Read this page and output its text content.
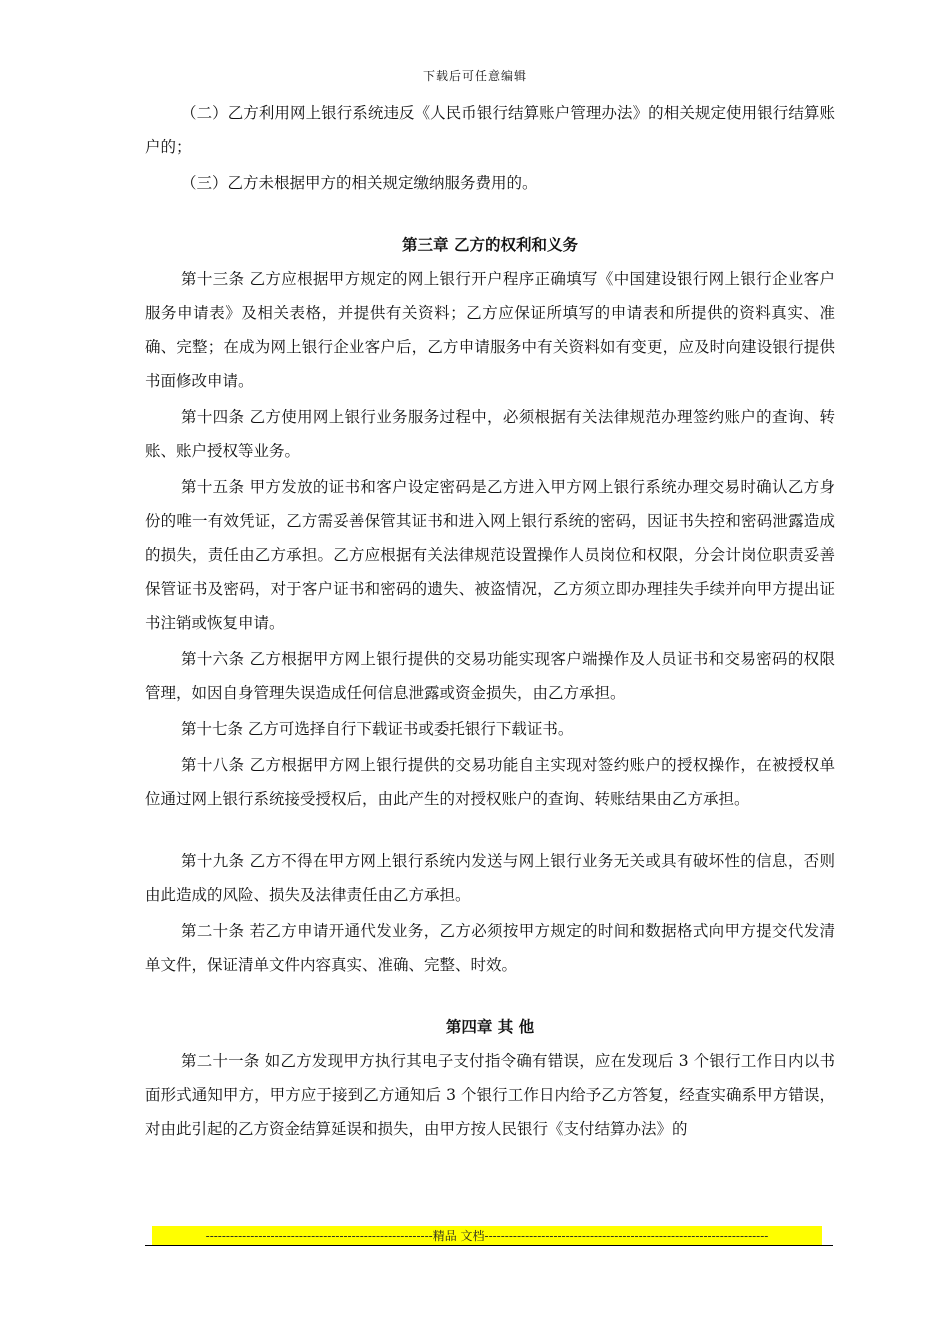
下载后可任意编辑

（二）乙方利用网上银行系统违反《人民币银行结算账户管理办法》的相关规定使用银行结算账户的；

（三）乙方未根据甲方的相关规定缴纳服务费用的。

第三章 乙方的权利和义务

第十三条 乙方应根据甲方规定的网上银行开户程序正确填写《中国建设银行网上银行企业客户服务申请表》及相关表格，并提供有关资料；乙方应保证所填写的申请表和所提供的资料真实、准确、完整；在成为网上银行企业客户后，乙方申请服务中有关资料如有变更，应及时向建设银行提供书面修改申请。

第十四条 乙方使用网上银行业务服务过程中，必须根据有关法律规范办理签约账户的查询、转账、账户授权等业务。

第十五条 甲方发放的证书和客户设定密码是乙方进入甲方网上银行系统办理交易时确认乙方身份的唯一有效凭证，乙方需妥善保管其证书和进入网上银行系统的密码，因证书失控和密码泄露造成的损失，责任由乙方承担。乙方应根据有关法律规范设置操作人员岗位和权限，分会计岗位职责妥善保管证书及密码，对于客户证书和密码的遗失、被盗情况，乙方须立即办理挂失手续并向甲方提出证书注销或恢复申请。

第十六条 乙方根据甲方网上银行提供的交易功能实现客户端操作及人员证书和交易密码的权限管理，如因自身管理失误造成任何信息泄露或资金损失，由乙方承担。

第十七条 乙方可选择自行下载证书或委托银行下载证书。

第十八条 乙方根据甲方网上银行提供的交易功能自主实现对签约账户的授权操作，在被授权单位通过网上银行系统接受授权后，由此产生的对授权账户的查询、转账结果由乙方承担。

第十九条 乙方不得在甲方网上银行系统内发送与网上银行业务无关或具有破坏性的信息，否则由此造成的风险、损失及法律责任由乙方承担。

第二十条 若乙方申请开通代发业务，乙方必须按甲方规定的时间和数据格式向甲方提交代发清单文件，保证清单文件内容真实、准确、完整、时效。

第四章 其 他

第二十一条 如乙方发现甲方执行其电子支付指令确有错误，应在发现后 3 个银行工作日内以书面形式通知甲方，甲方应于接到乙方通知后 3 个银行工作日内给予乙方答复，经查实确系甲方错误，对由此引起的乙方资金结算延误和损失，由甲方按人民银行《支付结算办法》的

--------------------------------------------------------精品 文档----------------------------------------------------------------------
